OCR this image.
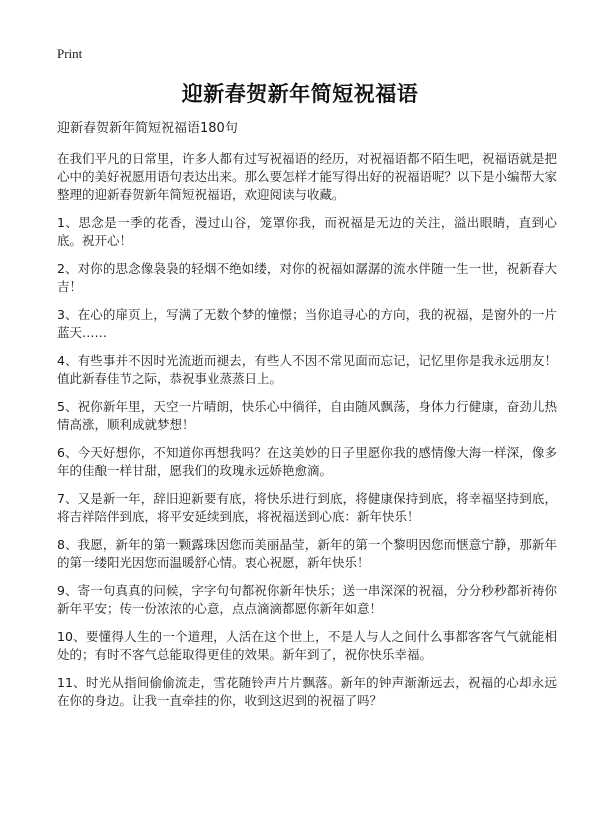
Print
迎新春贺新年简短祝福语
迎新春贺新年简短祝福语180句

在我们平凡的日常里，许多人都有过写祝福语的经历，对祝福语都不陌生吧，祝福语就是把心中的美好祝愿用语句表达出来。那么要怎样才能写得出好的祝福语呢？以下是小编帮大家整理的迎新春贺新年简短祝福语，欢迎阅读与收藏。

1、思念是一季的花香，漫过山谷，笼罩你我，而祝福是无边的关注，溢出眼睛，直到心底。祝开心！

2、对你的思念像袅袅的轻烟不绝如缕，对你的祝福如潺潺的流水伴随一生一世，祝新春大吉！

3、在心的扉页上，写满了无数个梦的憧憬；当你追寻心的方向，我的祝福，是窗外的一片蓝天……

4、有些事并不因时光流逝而褪去，有些人不因不常见面而忘记，记忆里你是我永远朋友！值此新春佳节之际，恭祝事业蒸蒸日上。

5、祝你新年里，天空一片晴朗，快乐心中徜徉，自由随风飘荡，身体力行健康，奋劲儿热情高涨，顺利成就梦想！

6、今天好想你，不知道你再想我吗？在这美妙的日子里愿你我的感情像大海一样深，像多年的佳酿一样甘甜，愿我们的玫瑰永远娇艳愈滴。

7、又是新一年，辞旧迎新要有底，将快乐进行到底，将健康保持到底，将幸福坚持到底，将吉祥陪伴到底，将平安延续到底，将祝福送到心底：新年快乐！

8、我愿，新年的第一颗露珠因您而美丽晶莹，新年的第一个黎明因您而惬意宁静，那新年的第一缕阳光因您而温暖舒心情。衷心祝愿，新年快乐！

9、寄一句真真的问候，字字句句都祝你新年快乐；送一串深深的祝福，分分秒秒都祈祷你新年平安；传一份浓浓的心意，点点滴滴都愿你新年如意！

10、要懂得人生的一个道理，人活在这个世上，不是人与人之间什么事都客客气气就能相处的；有时不客气总能取得更佳的效果。新年到了，祝你快乐幸福。

11、时光从指间偷偷流走，雪花随铃声片片飘落。新年的钟声渐渐远去，祝福的心却永远在你的身边。让我一直牵挂的你，收到这迟到的祝福了吗？
